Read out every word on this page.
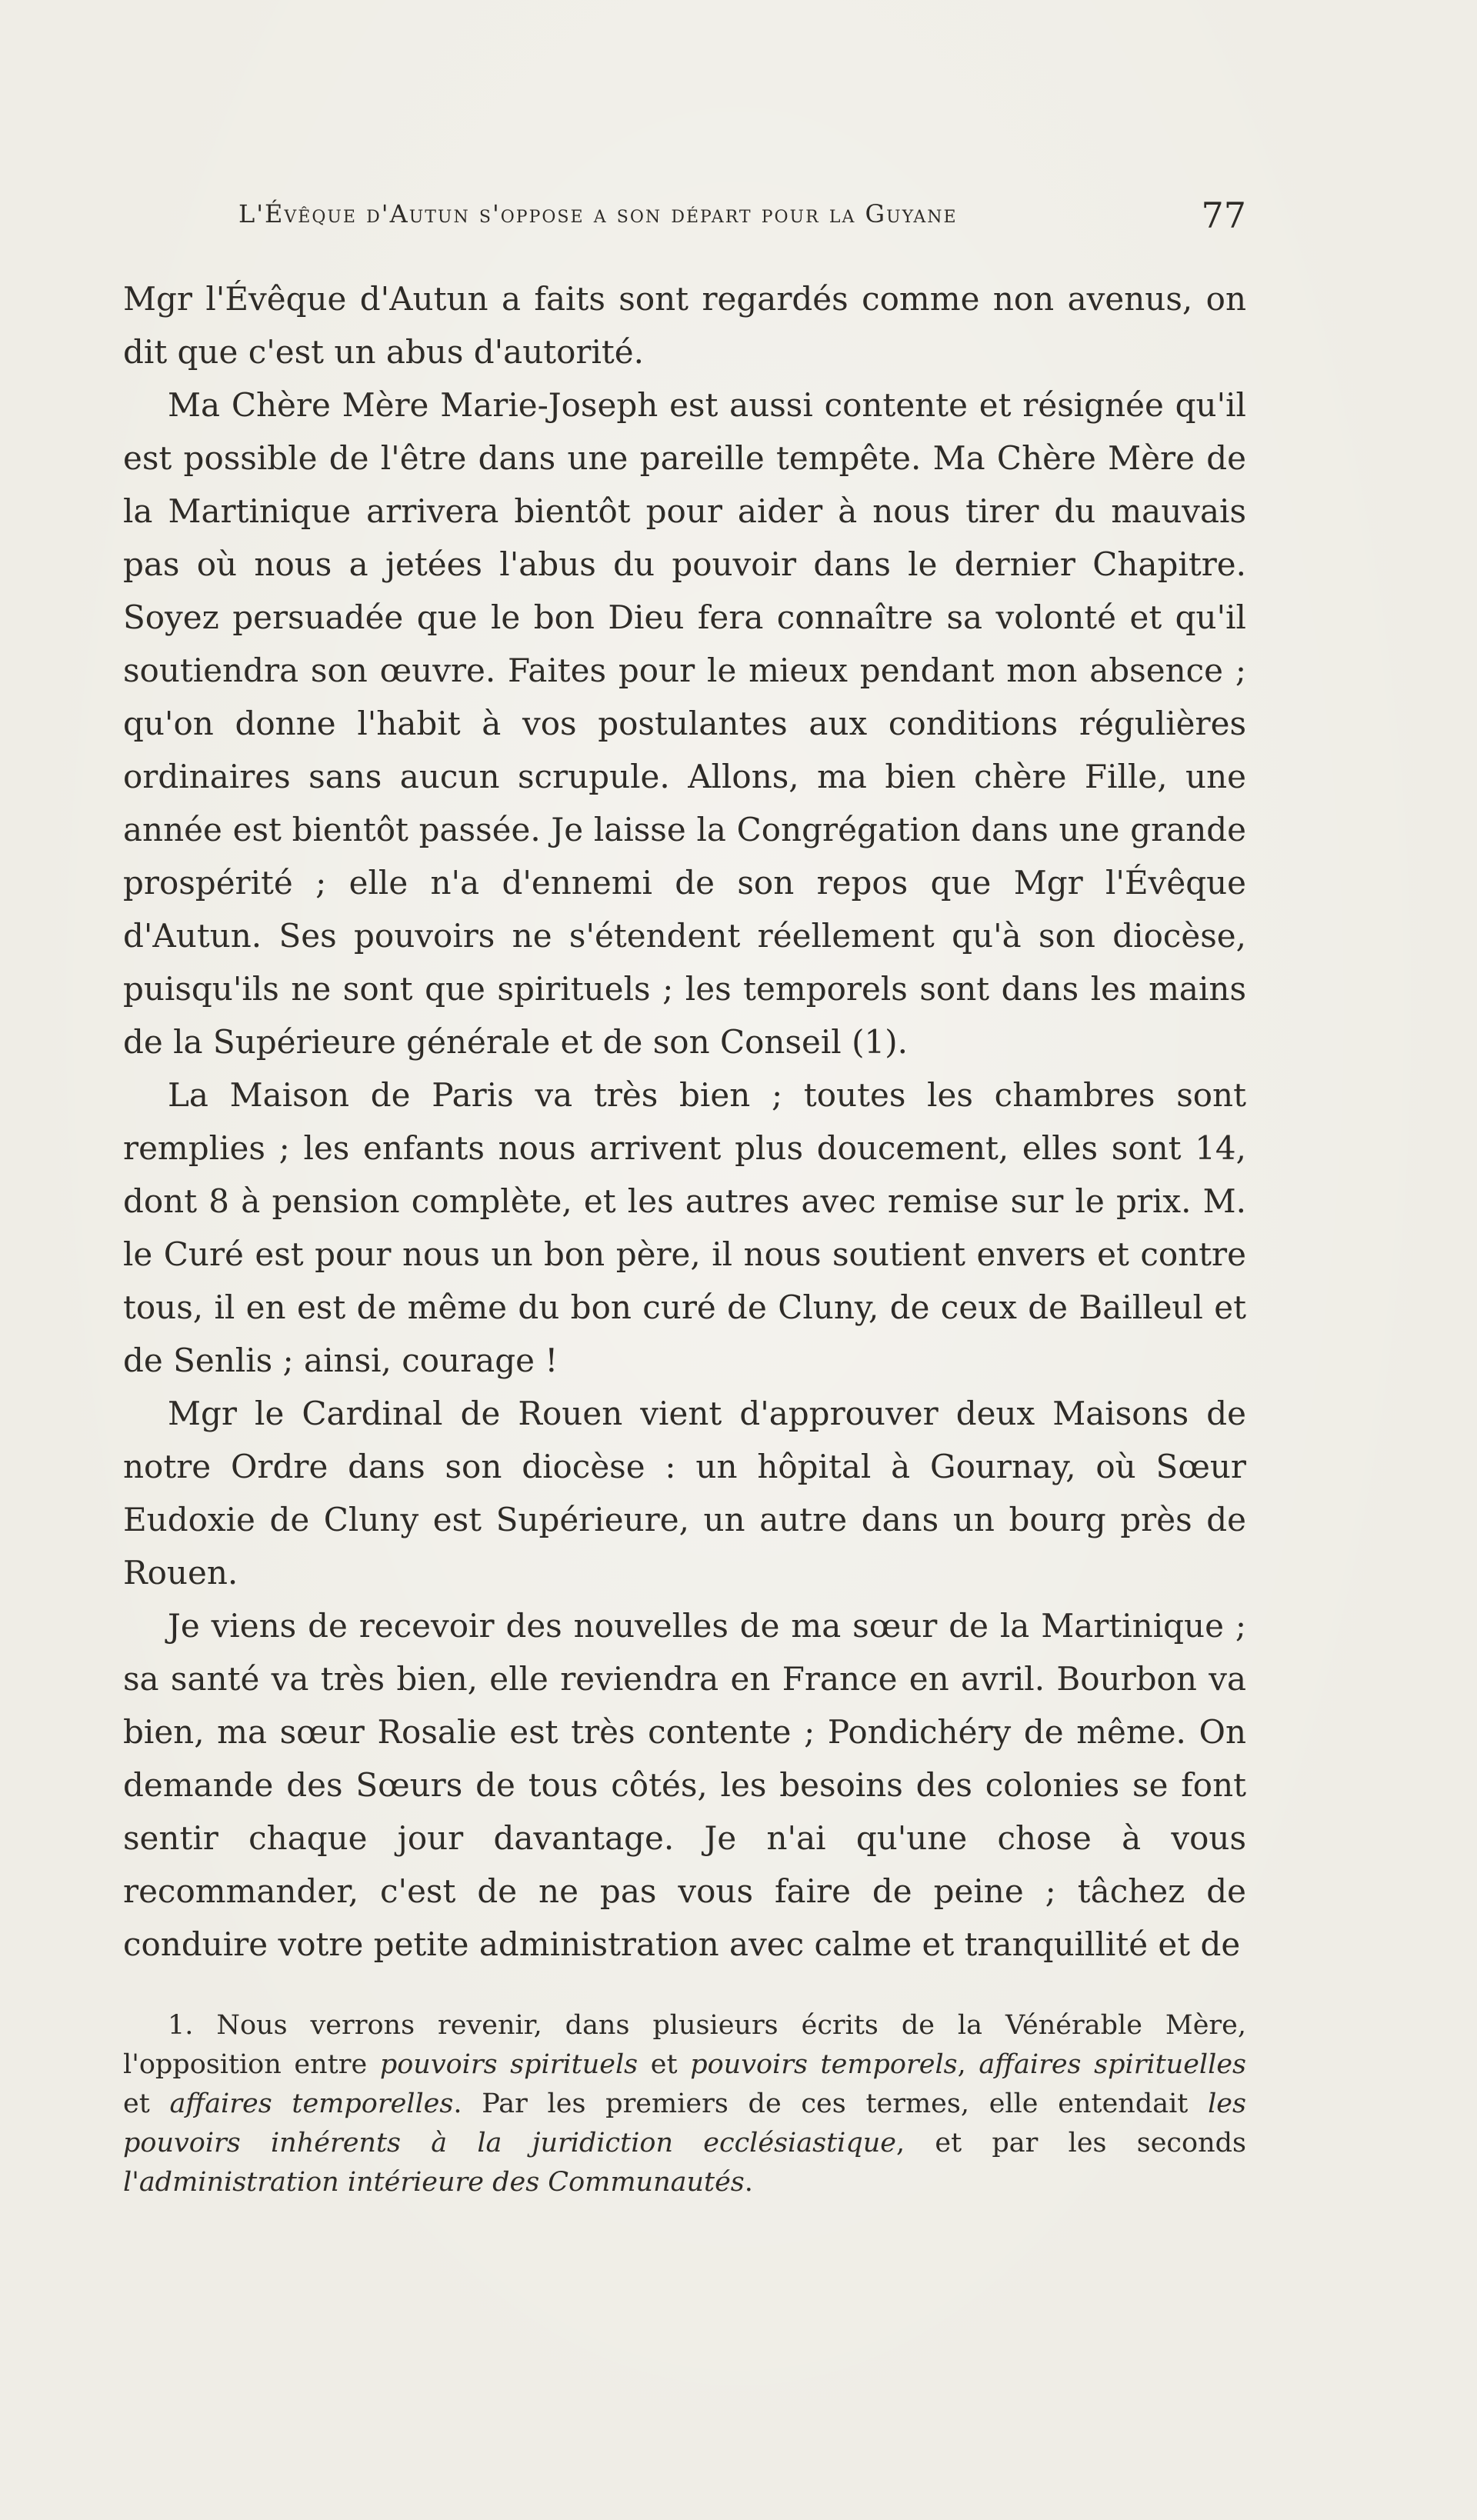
L'Évêque d'Autun s'oppose a son départ pour la Guyane	77

Mgr l'Évêque d'Autun a faits sont regardés comme non avenus, on dit que c'est un abus d'autorité.

Ma Chère Mère Marie-Joseph est aussi contente et résignée qu'il est possible de l'être dans une pareille tempête. Ma Chère Mère de la Martinique arrivera bientôt pour aider à nous tirer du mauvais pas où nous a jetées l'abus du pouvoir dans le dernier Chapitre. Soyez persuadée que le bon Dieu fera connaître sa volonté et qu'il soutiendra son œuvre. Faites pour le mieux pendant mon absence ; qu'on donne l'habit à vos postulantes aux conditions régulières ordinaires sans aucun scrupule. Allons, ma bien chère Fille, une année est bientôt passée. Je laisse la Congrégation dans une grande prospérité ; elle n'a d'ennemi de son repos que Mgr l'Évêque d'Autun. Ses pouvoirs ne s'étendent réellement qu'à son diocèse, puisqu'ils ne sont que spirituels ; les temporels sont dans les mains de la Supérieure générale et de son Conseil (1).

La Maison de Paris va très bien ; toutes les chambres sont remplies ; les enfants nous arrivent plus doucement, elles sont 14, dont 8 à pension complète, et les autres avec remise sur le prix. M. le Curé est pour nous un bon père, il nous soutient envers et contre tous, il en est de même du bon curé de Cluny, de ceux de Bailleul et de Senlis ; ainsi, courage !

Mgr le Cardinal de Rouen vient d'approuver deux Maisons de notre Ordre dans son diocèse : un hôpital à Gournay, où Sœur Eudoxie de Cluny est Supérieure, un autre dans un bourg près de Rouen.

Je viens de recevoir des nouvelles de ma sœur de la Martinique ; sa santé va très bien, elle reviendra en France en avril. Bourbon va bien, ma sœur Rosalie est très contente ; Pondichéry de même. On demande des Sœurs de tous côtés, les besoins des colonies se font sentir chaque jour davantage. Je n'ai qu'une chose à vous recommander, c'est de ne pas vous faire de peine ; tâchez de conduire votre petite administration avec calme et tranquillité et de

1. Nous verrons revenir, dans plusieurs écrits de la Vénérable Mère, l'opposition entre pouvoirs spirituels et pouvoirs temporels, affaires spirituelles et affaires temporelles. Par les premiers de ces termes, elle entendait les pouvoirs inhérents à la juridiction ecclésiastique, et par les seconds l'administration intérieure des Communautés.
